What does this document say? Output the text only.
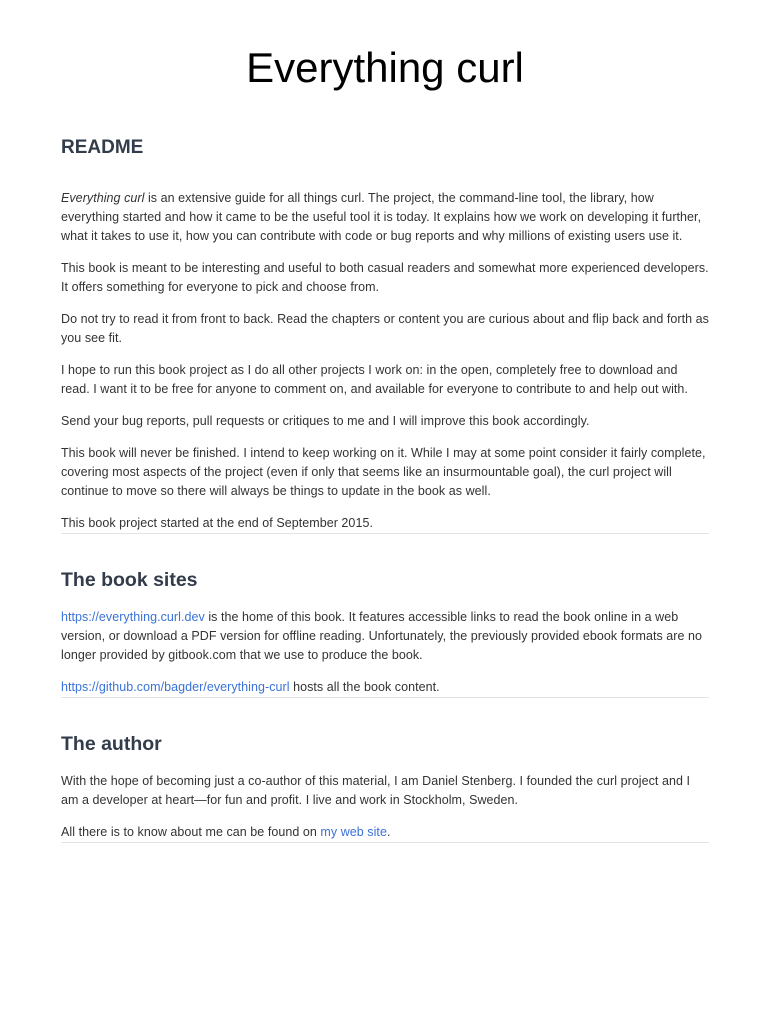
Everything curl
README

Everything curl is an extensive guide for all things curl. The project, the command-line tool, the library, how everything started and how it came to be the useful tool it is today. It explains how we work on developing it further, what it takes to use it, how you can contribute with code or bug reports and why millions of existing users use it.

This book is meant to be interesting and useful to both casual readers and somewhat more experienced developers. It offers something for everyone to pick and choose from.

Do not try to read it from front to back. Read the chapters or content you are curious about and flip back and forth as you see fit.

I hope to run this book project as I do all other projects I work on: in the open, completely free to download and read. I want it to be free for anyone to comment on, and available for everyone to contribute to and help out with.

Send your bug reports, pull requests or critiques to me and I will improve this book accordingly.

This book will never be finished. I intend to keep working on it. While I may at some point consider it fairly complete, covering most aspects of the project (even if only that seems like an insurmountable goal), the curl project will continue to move so there will always be things to update in the book as well.

This book project started at the end of September 2015.

The book sites

https://everything.curl.dev is the home of this book. It features accessible links to read the book online in a web version, or download a PDF version for offline reading. Unfortunately, the previously provided ebook formats are no longer provided by gitbook.com that we use to produce the book.

https://github.com/bagder/everything-curl hosts all the book content.

The author

With the hope of becoming just a co-author of this material, I am Daniel Stenberg. I founded the curl project and I am a developer at heart—for fun and profit. I live and work in Stockholm, Sweden.

All there is to know about me can be found on my web site.
